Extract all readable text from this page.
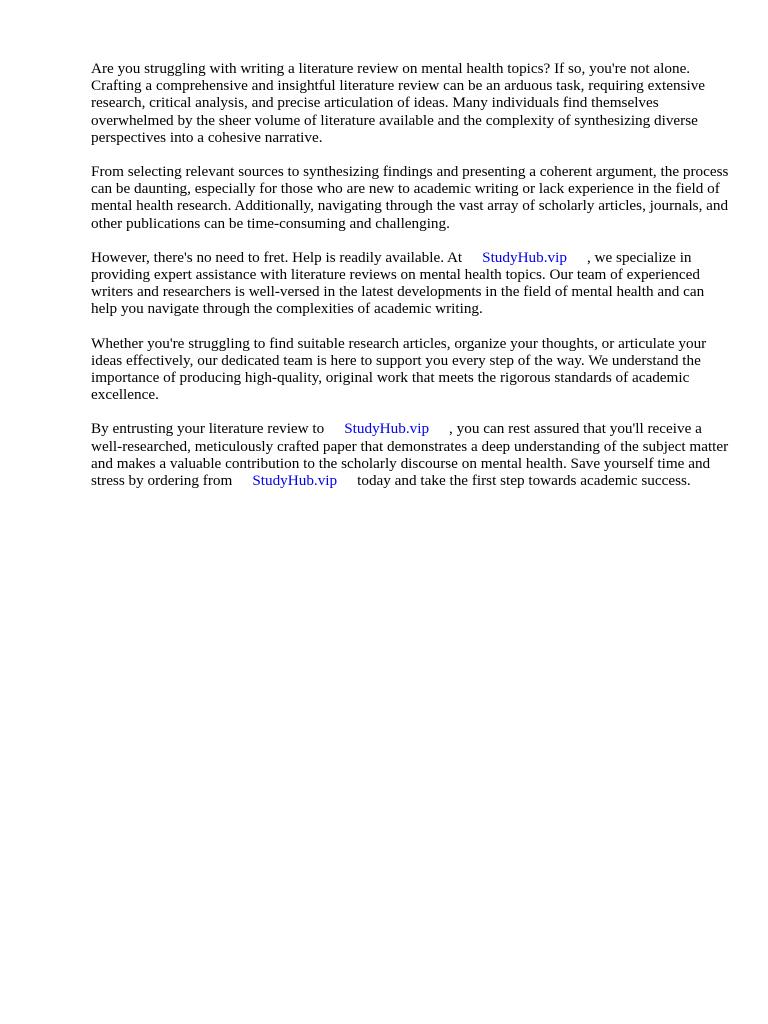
Are you struggling with writing a literature review on mental health topics? If so, you're not alone. Crafting a comprehensive and insightful literature review can be an arduous task, requiring extensive research, critical analysis, and precise articulation of ideas. Many individuals find themselves overwhelmed by the sheer volume of literature available and the complexity of synthesizing diverse perspectives into a cohesive narrative.

From selecting relevant sources to synthesizing findings and presenting a coherent argument, the process can be daunting, especially for those who are new to academic writing or lack experience in the field of mental health research. Additionally, navigating through the vast array of scholarly articles, journals, and other publications can be time-consuming and challenging.

However, there's no need to fret. Help is readily available. At StudyHub.vip , we specialize in providing expert assistance with literature reviews on mental health topics. Our team of experienced writers and researchers is well-versed in the latest developments in the field of mental health and can help you navigate through the complexities of academic writing.

Whether you're struggling to find suitable research articles, organize your thoughts, or articulate your ideas effectively, our dedicated team is here to support you every step of the way. We understand the importance of producing high-quality, original work that meets the rigorous standards of academic excellence.

By entrusting your literature review to StudyHub.vip , you can rest assured that you'll receive a well-researched, meticulously crafted paper that demonstrates a deep understanding of the subject matter and makes a valuable contribution to the scholarly discourse on mental health. Save yourself time and stress by ordering from StudyHub.vip today and take the first step towards academic success.
